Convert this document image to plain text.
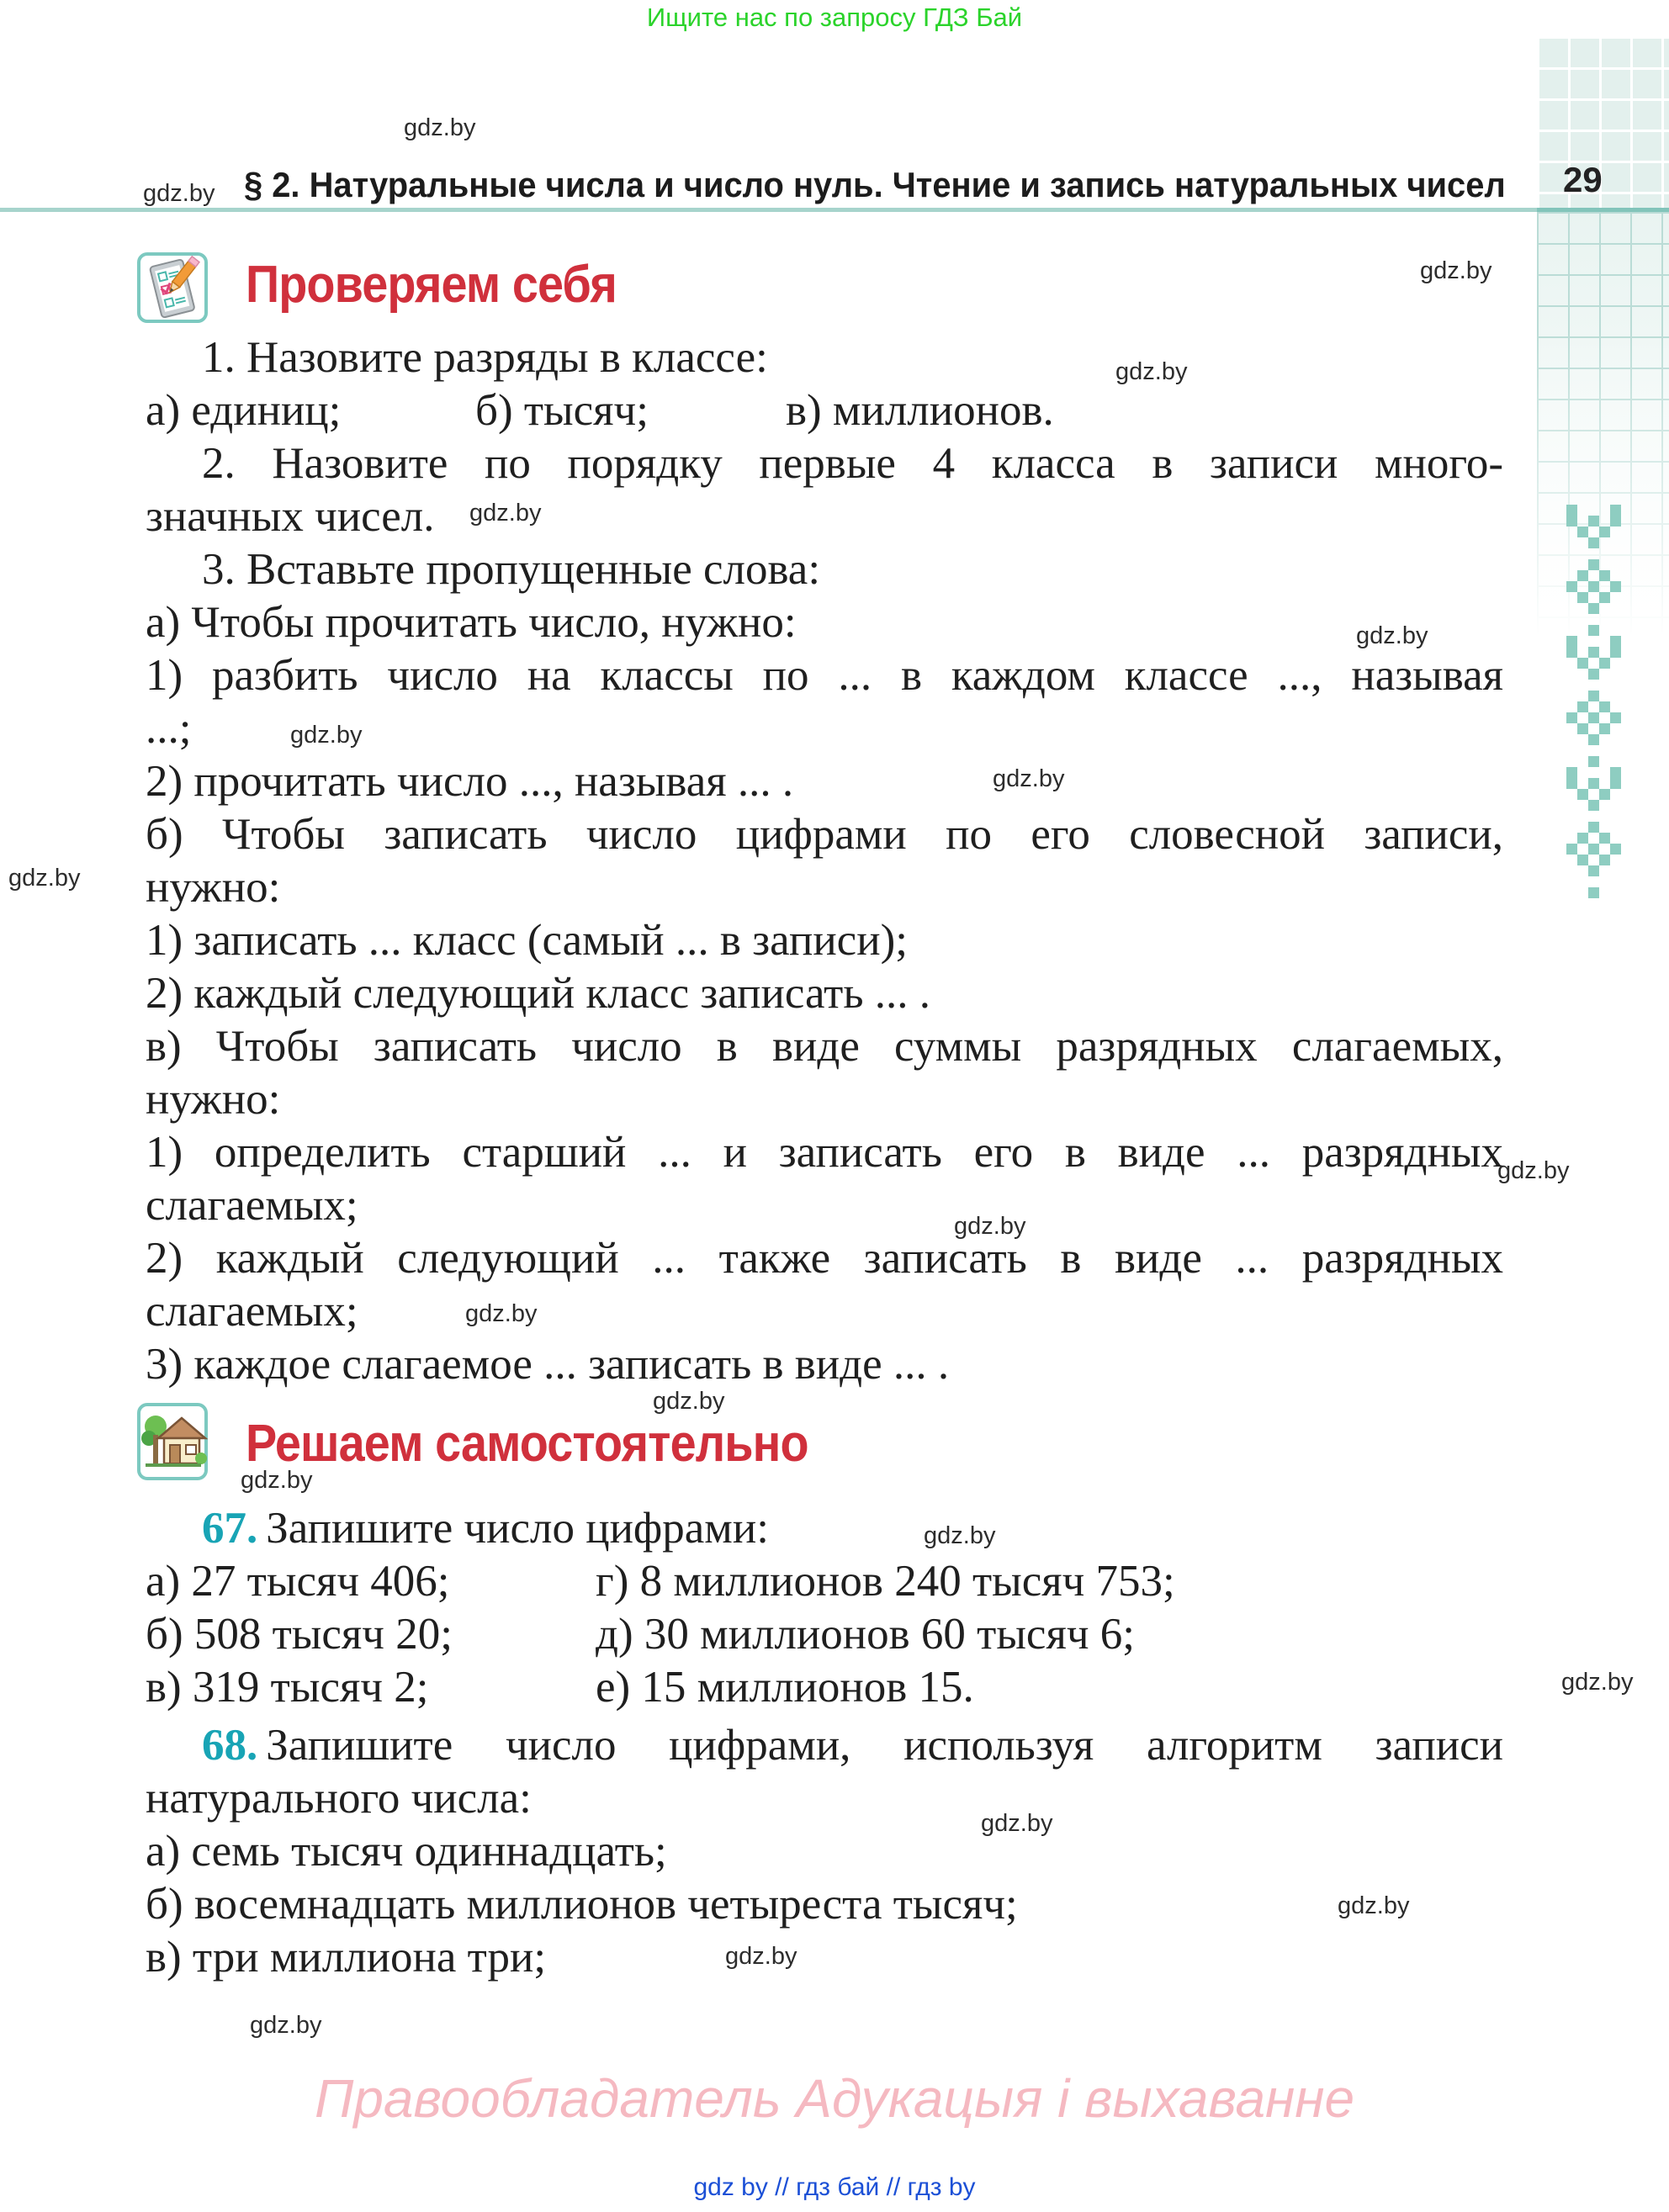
Ищите нас по запросу ГДЗ Бай
§ 2. Натуральные числа и число нуль. Чтение и запись натуральных чисел 29
Проверяем себя
1. Назовите разряды в классе:
а) единиц;	б) тысяч;	в) миллионов.
2. Назовите по порядку первые 4 класса в записи много-
значных чисел.
3. Вставьте пропущенные слова:
а) Чтобы прочитать число, нужно:
1) разбить число на классы по ... в каждом классе ..., называя
...;
2) прочитать число ..., называя ... .
б) Чтобы записать число цифрами по его словесной записи,
нужно:
1) записать ... класс (самый ... в записи);
2) каждый следующий класс записать ... .
в) Чтобы записать число в виде суммы разрядных слагаемых,
нужно:
1) определить старший ... и записать его в виде ... разрядных
слагаемых;
2) каждый следующий ... также записать в виде ... разрядных
слагаемых;
3) каждое слагаемое ... записать в виде ... .
Решаем самостоятельно
67. Запишите число цифрами:
а) 27 тысяч 406;	г) 8 миллионов 240 тысяч 753;
б) 508 тысяч 20;	д) 30 миллионов 60 тысяч 6;
в) 319 тысяч 2;	е) 15 миллионов 15.
68. Запишите число цифрами, используя алгоритм записи
натурального числа:
а) семь тысяч одиннадцать;
б) восемнадцать миллионов четыреста тысяч;
в) три миллиона три;
gdz.by
gdz.by
gdz.by
gdz.by
gdz.by
gdz.by
gdz.by
gdz.by
gdz.by
gdz.by
gdz.by
gdz.by
gdz.by
gdz.by
gdz.by
gdz.by
gdz.by
gdz.by
gdz.by
gdz.by
Правообладатель Адукацыя і выхаванне
gdz by // гдз бай // гдз by
